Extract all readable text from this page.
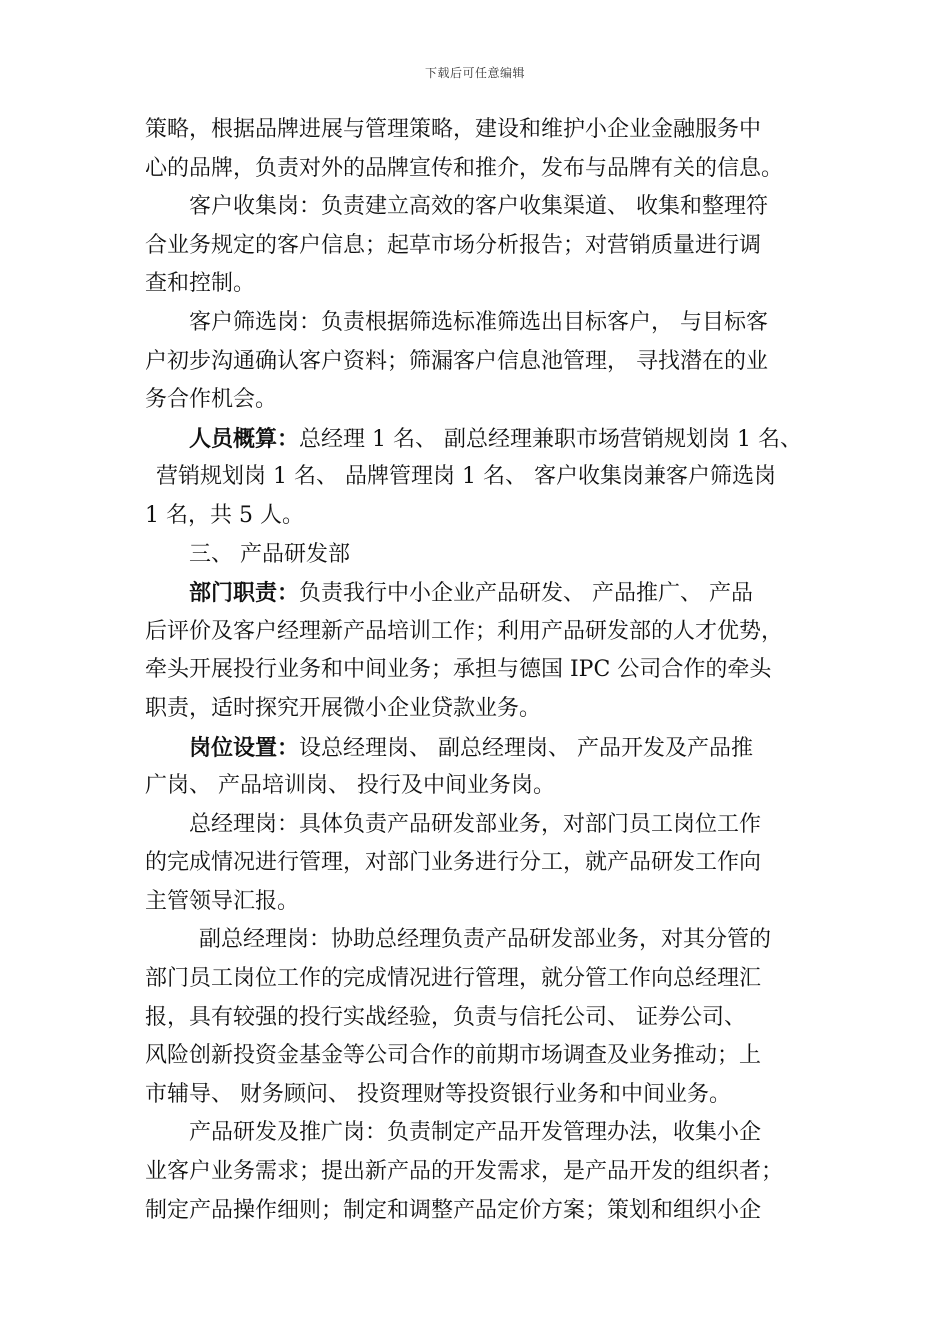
下载后可任意编辑
策略，根据品牌进展与管理策略，建设和维护小企业金融服务中
心的品牌，负责对外的品牌宣传和推介，发布与品牌有关的信息。
客户收集岗：负责建立高效的客户收集渠道、 收集和整理符
合业务规定的客户信息；起草市场分析报告；对营销质量进行调
查和控制。
客户筛选岗：负责根据筛选标准筛选出目标客户， 与目标客
户初步沟通确认客户资料；筛漏客户信息池管理， 寻找潜在的业
务合作机会。
人员概算：总经理 1 名、 副总经理兼职市场营销规划岗 1 名、
营销规划岗 1 名、 品牌管理岗 1 名、 客户收集岗兼客户筛选岗
1 名，共 5 人。
三、 产品研发部
部门职责：负责我行中小企业产品研发、 产品推广、 产品
后评价及客户经理新产品培训工作；利用产品研发部的人才优势，
牵头开展投行业务和中间业务；承担与德国 IPC 公司合作的牵头
职责，适时探究开展微小企业贷款业务。
岗位设置：设总经理岗、 副总经理岗、 产品开发及产品推
广岗、 产品培训岗、 投行及中间业务岗。
总经理岗：具体负责产品研发部业务，对部门员工岗位工作
的完成情况进行管理，对部门业务进行分工，就产品研发工作向
主管领导汇报。
副总经理岗：协助总经理负责产品研发部业务，对其分管的
部门员工岗位工作的完成情况进行管理，就分管工作向总经理汇
报，具有较强的投行实战经验，负责与信托公司、 证券公司、
风险创新投资金基金等公司合作的前期市场调查及业务推动；上
市辅导、 财务顾问、 投资理财等投资银行业务和中间业务。
产品研发及推广岗：负责制定产品开发管理办法，收集小企
业客户业务需求；提出新产品的开发需求，是产品开发的组织者；
制定产品操作细则；制定和调整产品定价方案；策划和组织小企
